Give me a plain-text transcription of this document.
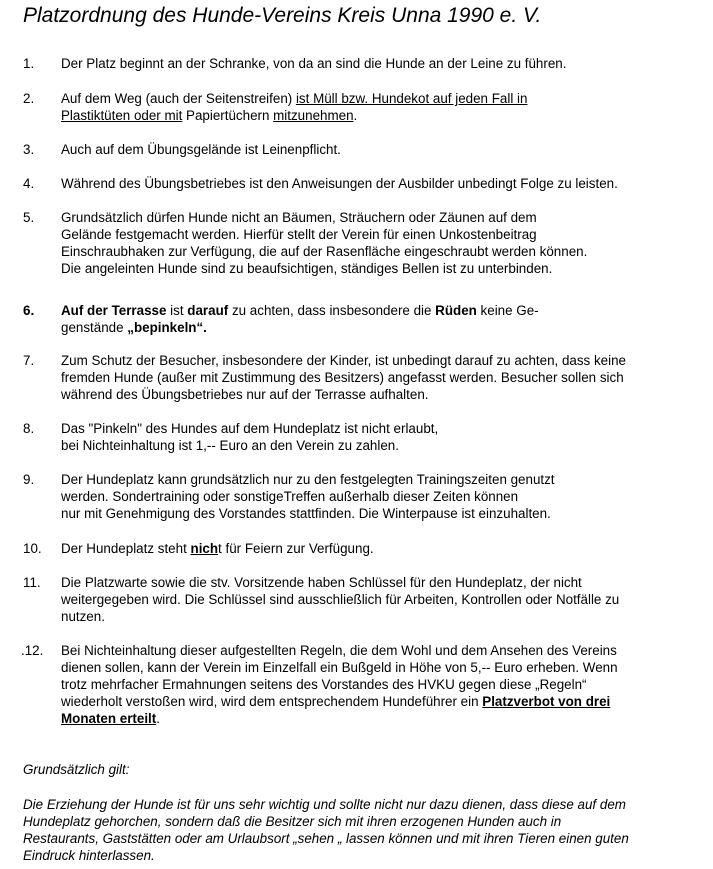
Platzordnung des Hunde-Vereins Kreis Unna 1990 e. V.
1. Der Platz beginnt an der Schranke, von da an sind die Hunde an der Leine zu führen.
2. Auf dem Weg (auch der Seitenstreifen) ist Müll bzw. Hundekot auf jeden Fall in
Plastiktüten oder mit Papiertüchern mitzunehmen.
3. Auch auf dem Übungsgelände ist Leinenpflicht.
4. Während des Übungsbetriebes ist den Anweisungen der Ausbilder unbedingt Folge zu leisten.
5. Grundsätzlich dürfen Hunde nicht an Bäumen, Sträuchern oder Zäunen auf dem
Gelände festgemacht werden. Hierfür stellt der Verein für einen Unkostenbeitrag
Einschraubhaken zur Verfügung, die auf der Rasenfläche eingeschraubt werden können.
Die angeleinten Hunde sind zu beaufsichtigen, ständiges Bellen ist zu unterbinden.
6. Auf der Terrasse ist darauf zu achten, dass insbesondere die Rüden keine Ge-
genstände „bepinkeln“.
7. Zum Schutz der Besucher, insbesondere der Kinder, ist unbedingt darauf zu achten, dass keine
fremden Hunde (außer mit Zustimmung des Besitzers) angefasst werden. Besucher sollen sich
während des Übungsbetriebes nur auf der Terrasse aufhalten.
8. Das "Pinkeln" des Hundes auf dem Hundeplatz ist nicht erlaubt,
bei Nichteinhaltung ist 1,-- Euro an den Verein zu zahlen.
9. Der Hundeplatz kann grundsätzlich nur zu den festgelegten Trainingszeiten genutzt
werden. Sondertraining oder sonstigeTreffen außerhalb dieser Zeiten können
nur mit Genehmigung des Vorstandes stattfinden. Die Winterpause ist einzuhalten.
10. Der Hundeplatz steht nicht für Feiern zur Verfügung.
11. Die Platzwarte sowie die stv. Vorsitzende haben Schlüssel für den Hundeplatz, der nicht
weitergegeben wird. Die Schlüssel sind ausschließlich für Arbeiten, Kontrollen oder Notfälle zu
nutzen.
.12. Bei Nichteinhaltung dieser aufgestellten Regeln, die dem Wohl und dem Ansehen des Vereins
dienen sollen, kann der Verein im Einzelfall ein Bußgeld in Höhe von 5,-- Euro erheben. Wenn
trotz mehrfacher Ermahnungen seitens des Vorstandes des HVKU gegen diese „Regeln“
wiederholt verstoßen wird, wird dem entsprechendem Hundeführer ein Platzverbot von drei
Monaten erteilt.
Grundsätzlich gilt:
Die Erziehung der Hunde ist für uns sehr wichtig und sollte nicht nur dazu dienen, dass diese auf dem
Hundeplatz gehorchen, sondern daß die Besitzer sich mit ihren erzogenen Hunden auch in
Restaurants, Gaststätten oder am Urlaubsort „sehen „ lassen können und mit ihren Tieren einen guten
Eindruck hinterlassen.
